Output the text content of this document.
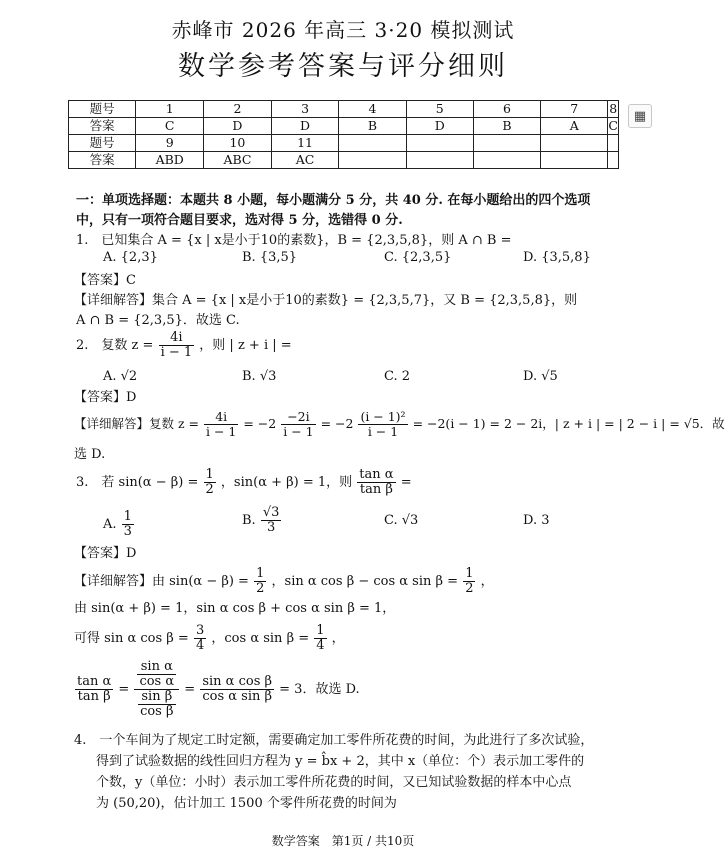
赤峰市 2026 年高三 3·20 模拟测试
数学参考答案与评分细则
题号	1	2	3	4	5	6	7	8
答案	C	D	D	B	D	B	A	C
题号	9	10	11					
答案	ABD	ABC	AC					
▦
一：单项选择题：本题共 8 小题，每小题满分 5 分，共 40 分. 在每小题给出的四个选项
中，只有一项符合题目要求，选对得 5 分，选错得 0 分.
1.　已知集合 A = {x | x是小于10的素数}，B = {2,3,5,8}，则 A ∩ B =
A. {2,3}	B. {3,5}	C. {2,3,5}	D. {3,5,8}
【答案】C
【详细解答】集合 A = {x | x是小于10的素数} = {2,3,5,7}，又 B = {2,3,5,8}，则
A ∩ B = {2,3,5}．故选 C.
2.　复数 $z = \frac{4i}{i - 1}$ ，则 | z + i | =
A. √2	B. √3	C. 2	D. √5
【答案】D
【详细解答】复数 $z = \frac{4i}{i - 1} = -2 \frac{-2i}{i - 1} = -2 \frac{\text{(i − 1)²}}{i - 1} = -2(i - 1) = 2 - 2i$，| z + i | = | 2 − i | = √5．故
选 D.
3.　若 $\sin(\alpha - \beta) = \frac{1}{2}$ ，sin(α + β) = 1，则 $\frac{\text{tan α}}{\text{tan β}}$ =
A. $\frac{1}{3}$	B. $\frac{√3}{3}$	C. √3	D. 3
【答案】D
【详细解答】由 $\sin(\alpha - \beta) = \frac{1}{2}$ ，sin α cos β − cos α $\sin \beta = \frac{1}{2}$ ，
由 sin(α + β) = 1，sin α cos β + cos α sin β = 1，
可得 sin α $\cos \beta = \frac{3}{4}$ ，cos α $\sin \beta = \frac{1}{4}$ ，
$\frac{\text{tan α}}{\text{tan β}} = \frac{\frac{\text{sin α}}{\text{cos α}}}{\frac{\text{sin β}}{\text{cos β}}} = \frac{\text{sin α cos β}}{\text{cos α sin β}} = 3$．故选 D.
4.　一个车间为了规定工时定额，需要确定加工零件所花费的时间，为此进行了多次试验，
得到了试验数据的线性回归方程为 y = b̂x + 2，其中 x（单位：个）表示加工零件的
个数，y（单位：小时）表示加工零件所花费的时间，又已知试验数据的样本中心点
为 (50,20)，估计加工 1500 个零件所花费的时间为
数学答案　第1页 / 共10页
